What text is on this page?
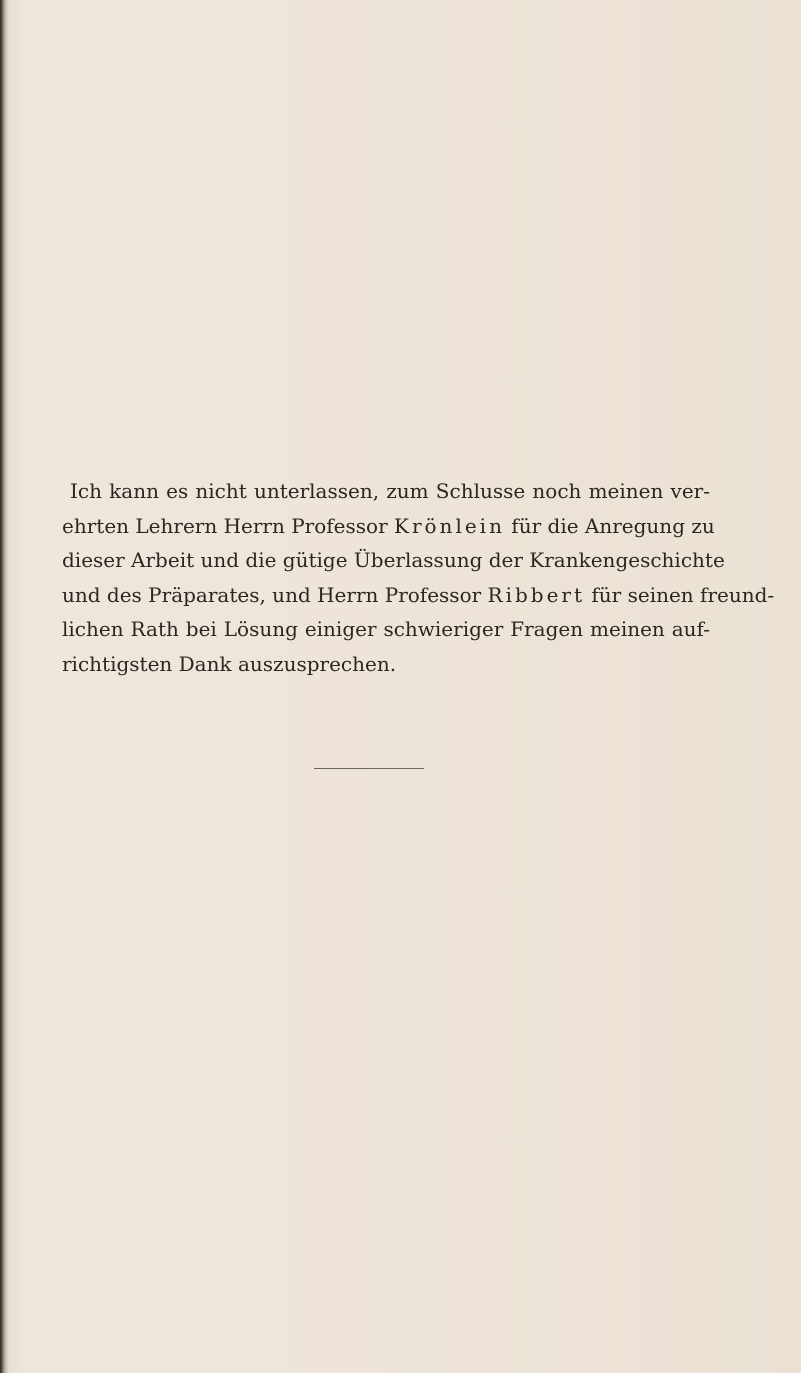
Ich kann es nicht unterlassen, zum Schlusse noch meinen ver-
ehrten Lehrern Herrn Professor Krönlein für die Anregung zu
dieser Arbeit und die gütige Überlassung der Krankengeschichte
und des Präparates, und Herrn Professor Ribbert für seinen freund-
lichen Rath bei Lösung einiger schwieriger Fragen meinen auf-
richtigsten Dank auszusprechen.
